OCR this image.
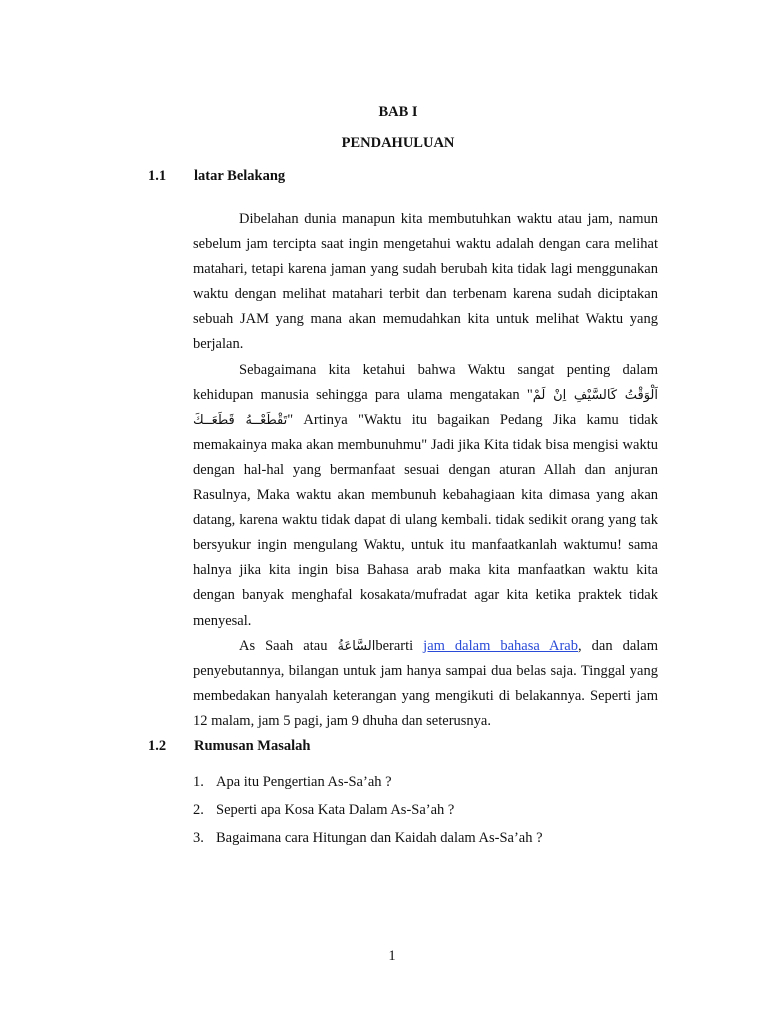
BAB I
PENDAHULUAN
1.1 latar Belakang

Dibelahan dunia manapun kita membutuhkan waktu atau jam, namun sebelum jam tercipta saat ingin mengetahui waktu adalah dengan cara melihat matahari, tetapi karena jaman yang sudah berubah kita tidak lagi menggunakan waktu dengan melihat matahari terbit dan terbenam karena sudah diciptakan sebuah JAM yang mana akan memudahkan kita untuk melihat Waktu yang berjalan.

Sebagaimana kita ketahui bahwa Waktu sangat penting dalam kehidupan manusia sehingga para ulama mengatakan "اَلْوَقْتُ كَالسَّيْفِ اِنْ لَمْ تَقْطَعْــهُ قَطَعَــكَ" Artinya "Waktu itu bagaikan Pedang Jika kamu tidak memakainya maka akan membunuhmu" Jadi jika Kita tidak bisa mengisi waktu dengan hal-hal yang bermanfaat sesuai dengan aturan Allah dan anjuran Rasulnya, Maka waktu akan membunuh kebahagiaan kita dimasa yang akan datang, karena waktu tidak dapat di ulang kembali. tidak sedikit orang yang tak bersyukur ingin mengulang Waktu, untuk itu manfaatkanlah waktumu! sama halnya jika kita ingin bisa Bahasa arab maka kita manfaatkan waktu kita dengan banyak menghafal kosakata/mufradat agar kita ketika praktek tidak menyesal.

As Saah atau السَّاعَةُberarti jam dalam bahasa Arab, dan dalam penyebutannya, bilangan untuk jam hanya sampai dua belas saja. Tinggal yang membedakan hanyalah keterangan yang mengikuti di belakannya. Seperti jam 12 malam, jam 5 pagi, jam 9 dhuha dan seterusnya.

1.2 Rumusan Masalah
1. Apa itu Pengertian As-Sa’ah ?
2. Seperti apa Kosa Kata Dalam As-Sa’ah ?
3. Bagaimana cara Hitungan dan Kaidah dalam As-Sa’ah ?
1
